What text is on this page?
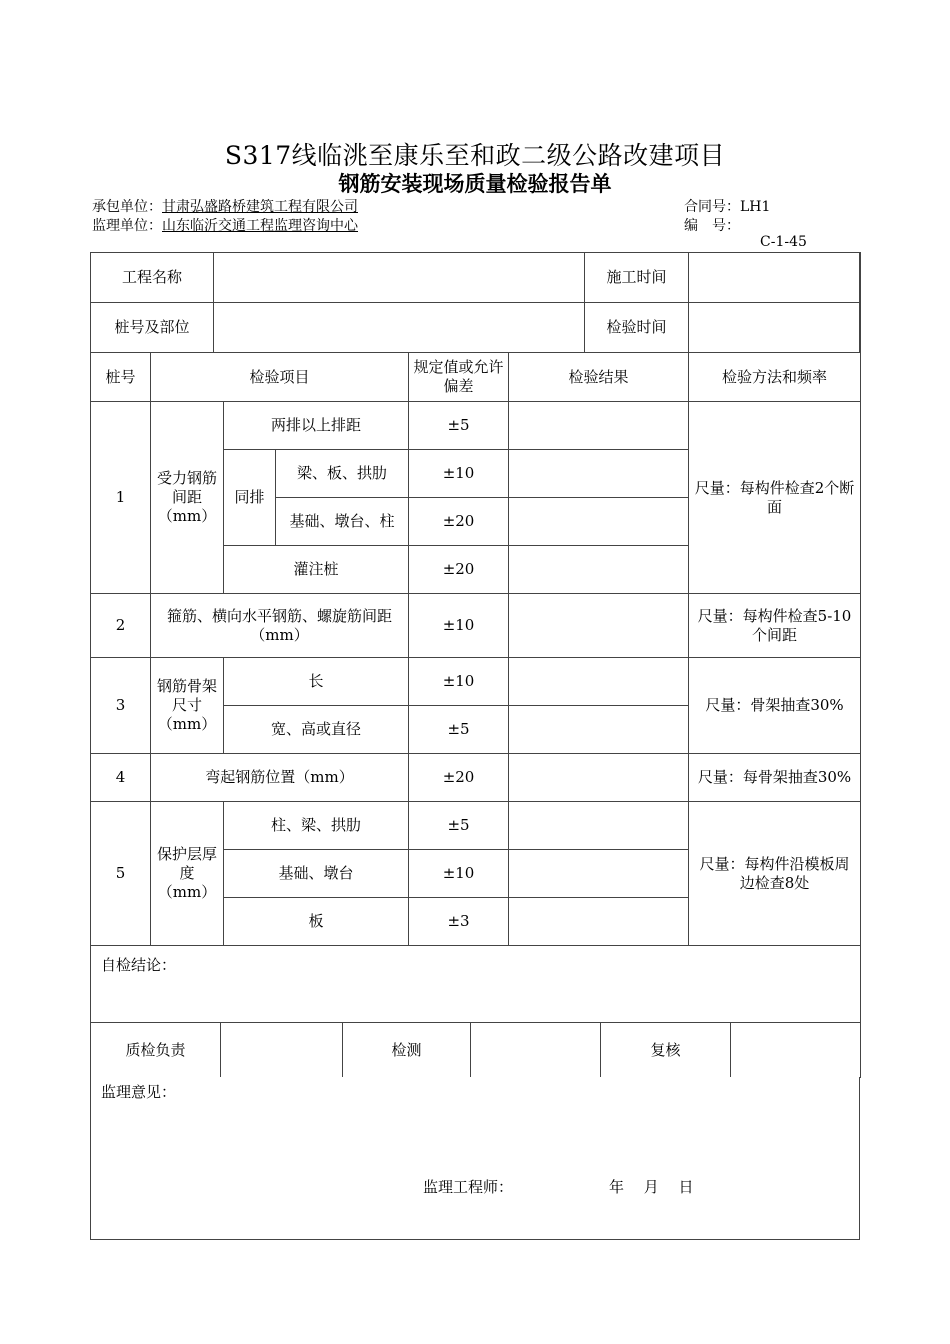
S317线临洮至康乐至和政二级公路改建项目
钢筋安装现场质量检验报告单
承包单位：甘肃弘盛路桥建筑工程有限公司
监理单位：山东临沂交通工程监理咨询中心
合同号：LH1
编　号：
C-1-45
工程名称		施工时间	
桩号及部位		检验时间	
桩号	检验项目			规定值或允许偏差	检验结果	检验方法和频率
1	受力钢筋间距（mm）	两排以上排距		±5		尺量：每构件检查2个断面
		同排	梁、板、拱肋	±10		
			基础、墩台、柱	±20		
		灌注桩		±20		
2	箍筋、横向水平钢筋、螺旋筋间距（mm）			±10		尺量：每构件检查5-10个间距
3	钢筋骨架尺寸（mm）	长		±10		尺量：骨架抽查30%
		宽、高或直径		±5		
4	弯起钢筋位置（mm）			±20		尺量：每骨架抽查30%
5	保护层厚 度（mm）	柱、梁、拱肋		±5		尺量：每构件沿模板周边检查8处
		基础、墩台		±10		
		板		±3		
自检结论：						
质检负责		检测		复核	
监理意见：
监理工程师：	年　 月　 日
